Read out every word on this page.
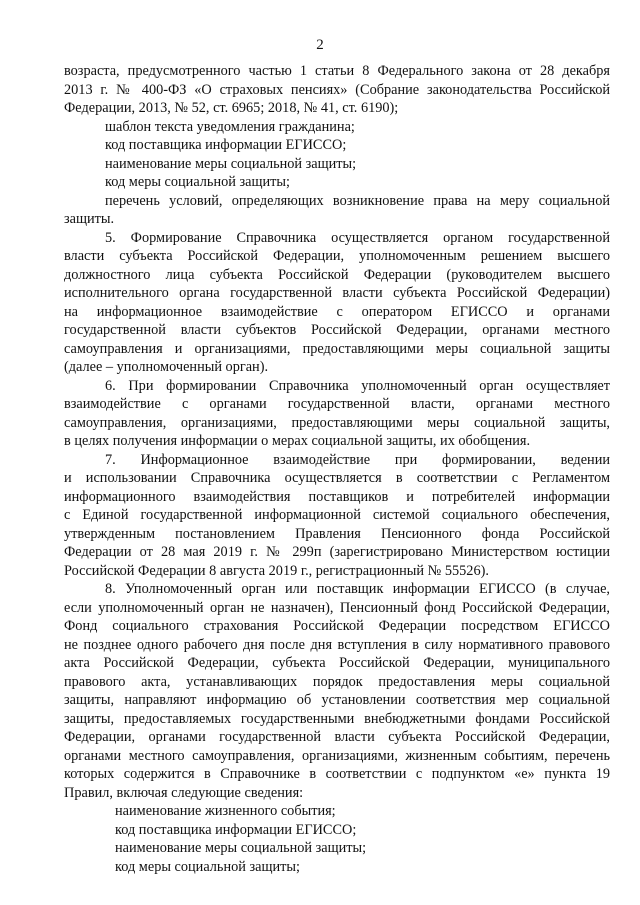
2
возраста, предусмотренного частью 1 статьи 8 Федерального закона от 28 декабря
2013 г. № 400-ФЗ «О страховых пенсиях» (Собрание законодательства Российской
Федерации, 2013, № 52, ст. 6965; 2018, № 41, ст. 6190);
шаблон текста уведомления гражданина;
код поставщика информации ЕГИССО;
наименование меры социальной защиты;
код меры социальной защиты;
перечень условий, определяющих возникновение права на меру социальной
защиты.
5. Формирование Справочника осуществляется органом государственной
власти субъекта Российской Федерации, уполномоченным решением высшего
должностного лица субъекта Российской Федерации (руководителем высшего
исполнительного органа государственной власти субъекта Российской Федерации)
на информационное взаимодействие с оператором ЕГИССО и органами
государственной власти субъектов Российской Федерации, органами местного
самоуправления и организациями, предоставляющими меры социальной защиты
(далее – уполномоченный орган).
6. При формировании Справочника уполномоченный орган осуществляет
взаимодействие с органами государственной власти, органами местного
самоуправления, организациями, предоставляющими меры социальной защиты,
в целях получения информации о мерах социальной защиты, их обобщения.
7. Информационное взаимодействие при формировании, ведении
и использовании Справочника осуществляется в соответствии с Регламентом
информационного взаимодействия поставщиков и потребителей информации
с Единой государственной информационной системой социального обеспечения,
утвержденным постановлением Правления Пенсионного фонда Российской
Федерации от 28 мая 2019 г. № 299п (зарегистрировано Министерством юстиции
Российской Федерации 8 августа 2019 г., регистрационный № 55526).
8. Уполномоченный орган или поставщик информации ЕГИССО (в случае,
если уполномоченный орган не назначен), Пенсионный фонд Российской Федерации,
Фонд социального страхования Российской Федерации посредством ЕГИССО
не позднее одного рабочего дня после дня вступления в силу нормативного правового
акта Российской Федерации, субъекта Российской Федерации, муниципального
правового акта, устанавливающих порядок предоставления меры социальной
защиты, направляют информацию об установлении соответствия мер социальной
защиты, предоставляемых государственными внебюджетными фондами Российской
Федерации, органами государственной власти субъекта Российской Федерации,
органами местного самоуправления, организациями, жизненным событиям, перечень
которых содержится в Справочнике в соответствии с подпунктом «е» пункта 19
Правил, включая следующие сведения:
наименование жизненного события;
код поставщика информации ЕГИССО;
наименование меры социальной защиты;
код меры социальной защиты;
